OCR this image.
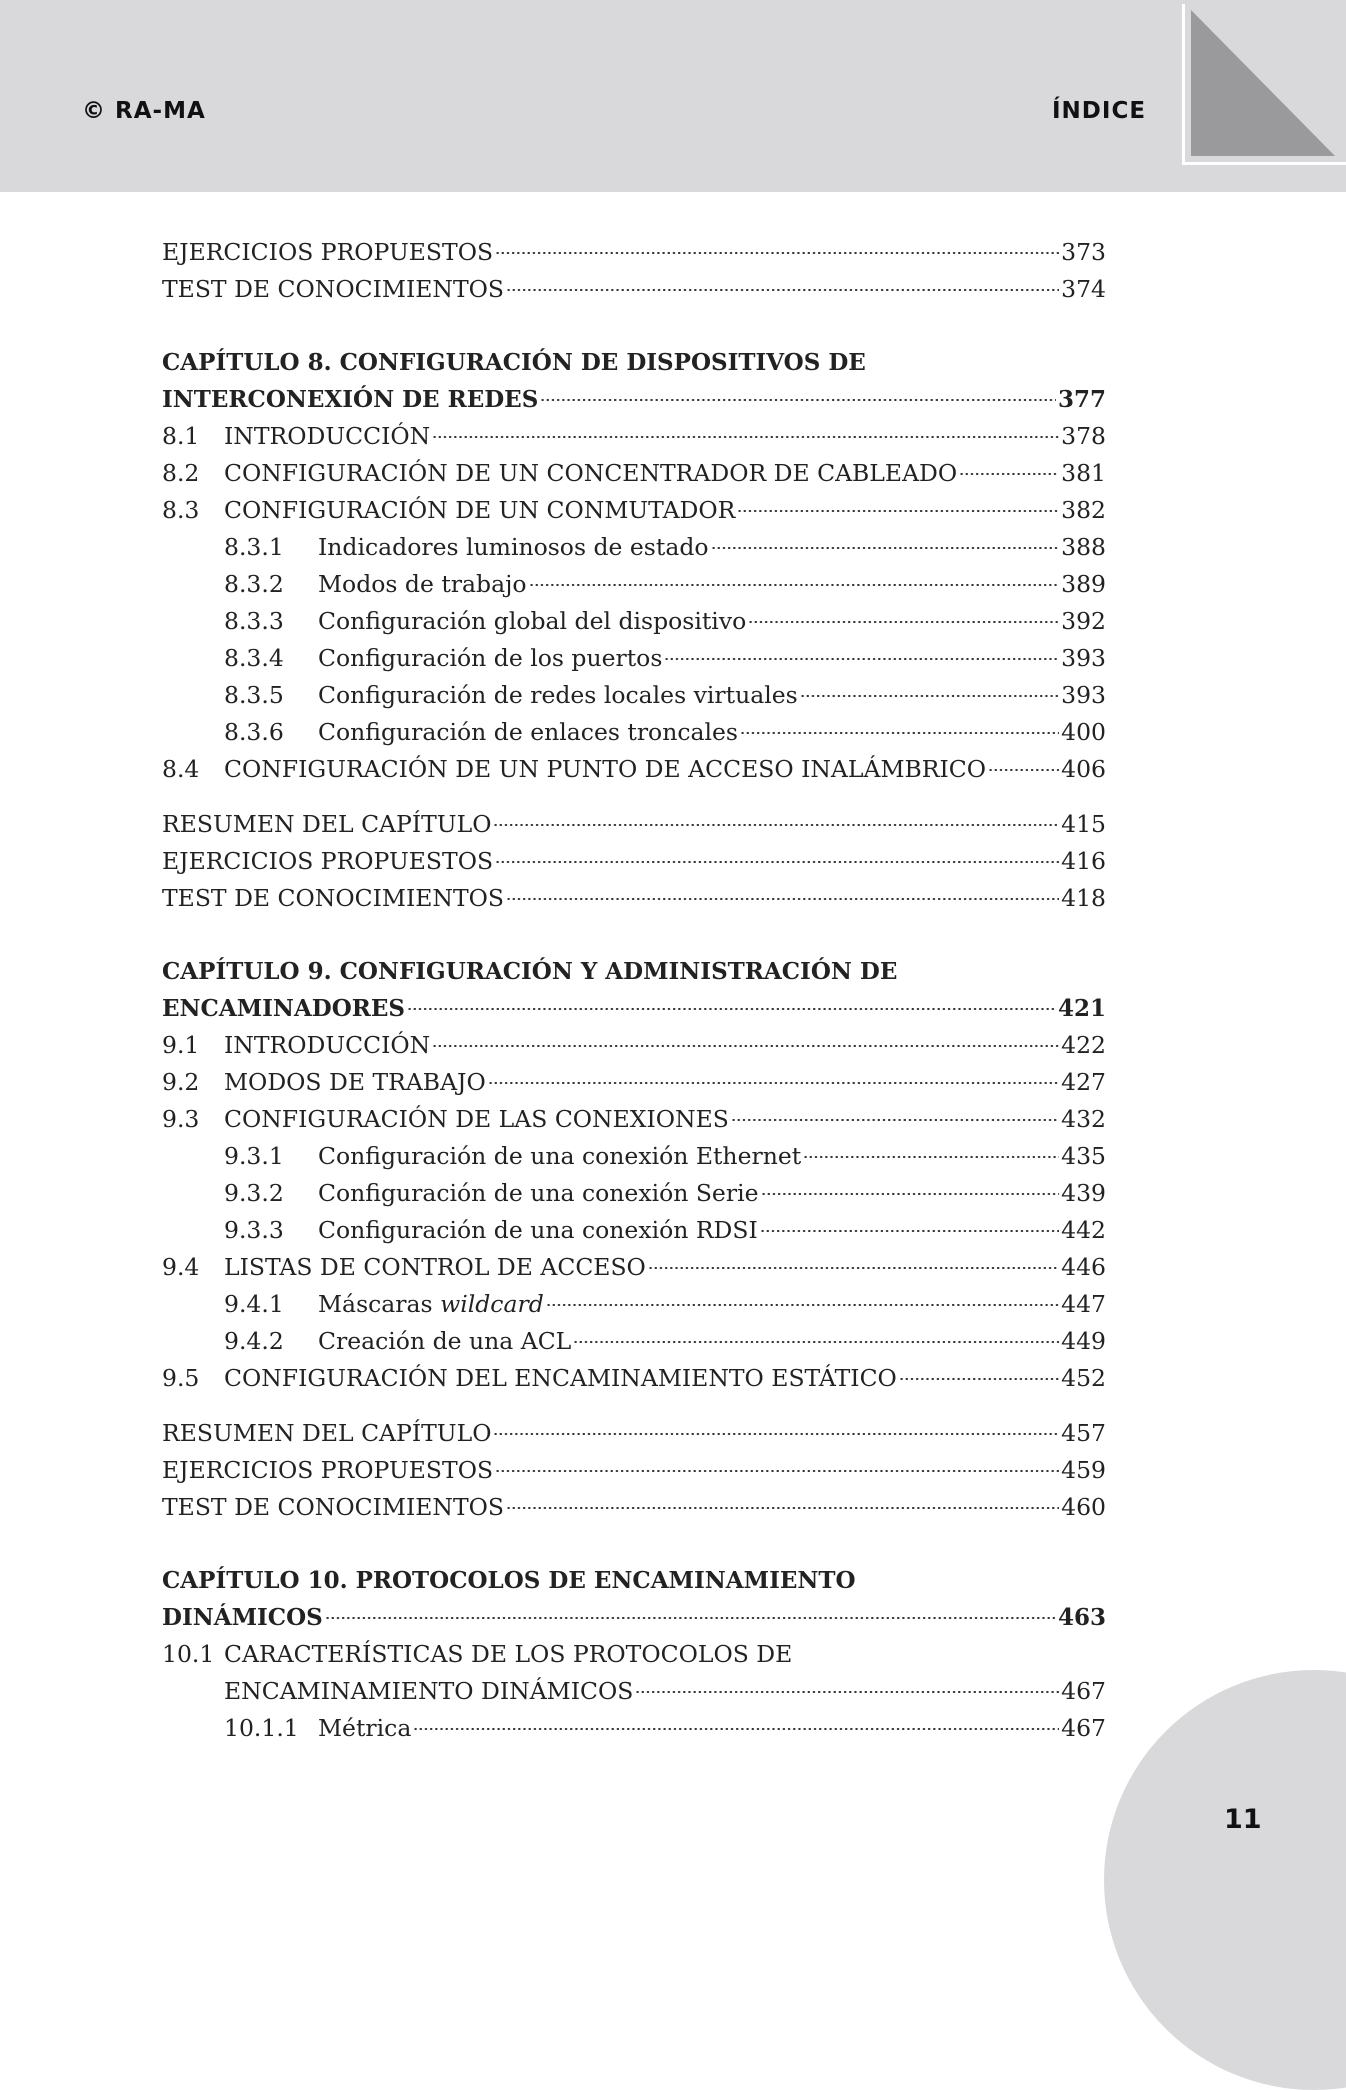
© RA-MA	ÍNDICE
11
EJERCICIOS PROPUESTOS	373
TEST DE CONOCIMIENTOS	374
CAPÍTULO 8. CONFIGURACIÓN DE DISPOSITIVOS DE
INTERCONEXIÓN DE REDES	377
8.1	INTRODUCCIÓN	378
8.2	CONFIGURACIÓN DE UN CONCENTRADOR DE CABLEADO	381
8.3	CONFIGURACIÓN DE UN CONMUTADOR	382
8.3.1	Indicadores luminosos de estado	388
8.3.2	Modos de trabajo	389
8.3.3	Configuración global del dispositivo	392
8.3.4	Configuración de los puertos	393
8.3.5	Configuración de redes locales virtuales	393
8.3.6	Configuración de enlaces troncales	400
8.4	CONFIGURACIÓN DE UN PUNTO DE ACCESO INALÁMBRICO	406
RESUMEN DEL CAPÍTULO	415
EJERCICIOS PROPUESTOS	416
TEST DE CONOCIMIENTOS	418
CAPÍTULO 9. CONFIGURACIÓN Y ADMINISTRACIÓN DE
ENCAMINADORES	421
9.1	INTRODUCCIÓN	422
9.2	MODOS DE TRABAJO	427
9.3	CONFIGURACIÓN DE LAS CONEXIONES	432
9.3.1	Configuración de una conexión Ethernet	435
9.3.2	Configuración de una conexión Serie	439
9.3.3	Configuración de una conexión RDSI	442
9.4	LISTAS DE CONTROL DE ACCESO	446
9.4.1	Máscaras wildcard	447
9.4.2	Creación de una ACL	449
9.5	CONFIGURACIÓN DEL ENCAMINAMIENTO ESTÁTICO	452
RESUMEN DEL CAPÍTULO	457
EJERCICIOS PROPUESTOS	459
TEST DE CONOCIMIENTOS	460
CAPÍTULO 10. PROTOCOLOS DE ENCAMINAMIENTO
DINÁMICOS	463
10.1 CARACTERÍSTICAS DE LOS PROTOCOLOS DE
ENCAMINAMIENTO DINÁMICOS	467
10.1.1 Métrica	467
